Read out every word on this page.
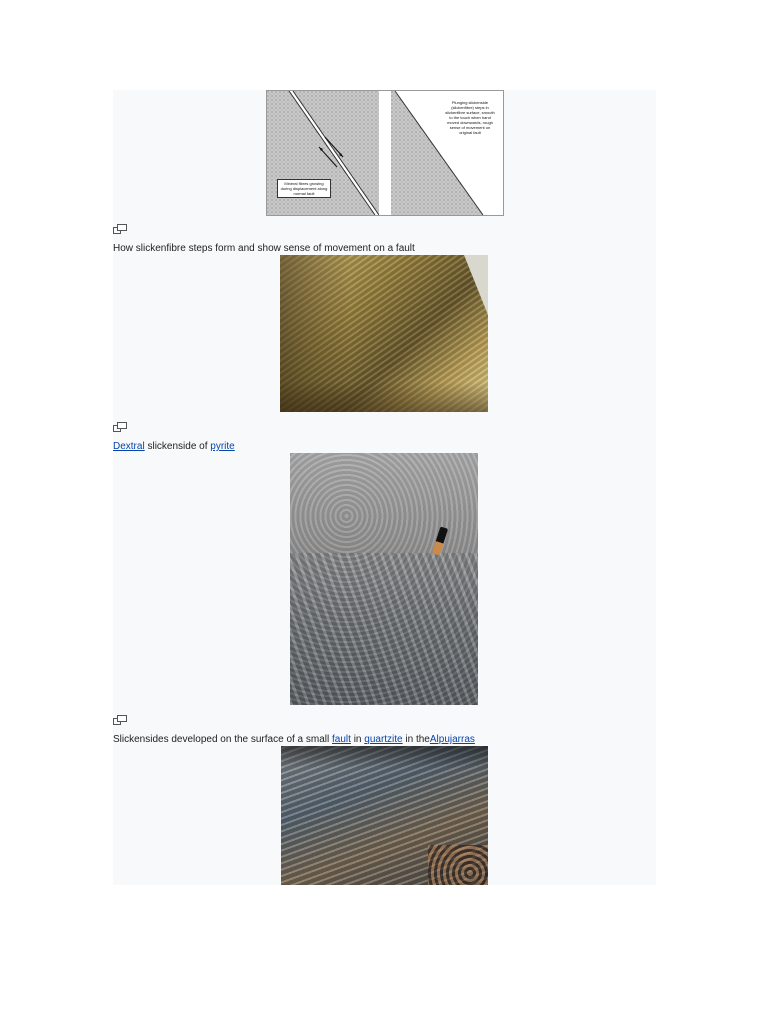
Mineral fibres growing during displacement along normal fault
Plunging slickenside (slickenfibre) steps in slickenfibre surface, smooth to the touch when hand moved downwards, rough sense of movement on original fault
How slickenfibre steps form and show sense of movement on a fault
Dextral slickenside of pyrite
Slickensides developed on the surface of a small fault in quartzite in theAlpujarras
